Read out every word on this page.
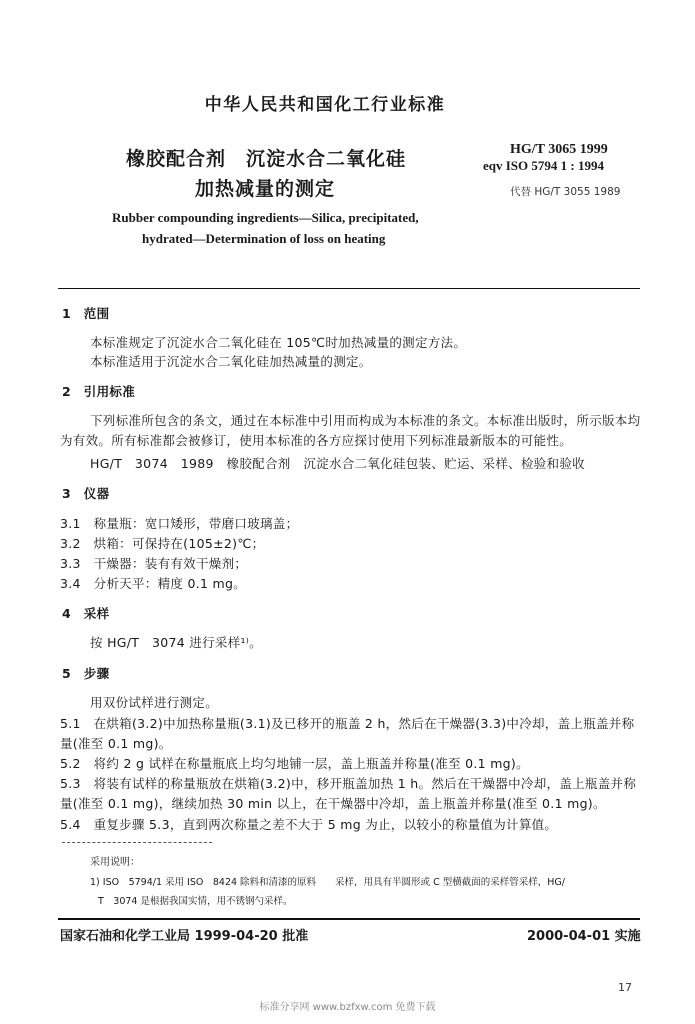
中华人民共和国化工行业标准
橡胶配合剂　沉淀水合二氧化硅
加热减量的测定
HG/T 3065 1999
eqv ISO 5794 1 : 1994
代替 HG/T 3055 1989
Rubber compounding ingredients—Silica, precipitated,
hydrated—Determination of loss on heating
1　范围
本标准规定了沉淀水合二氧化硅在 105℃时加热减量的测定方法。
本标准适用于沉淀水合二氧化硅加热减量的测定。
2　引用标准
下列标准所包含的条文，通过在本标准中引用而构成为本标准的条文。本标准出版时，所示版本均
为有效。所有标准都会被修订，使用本标准的各方应探讨使用下列标准最新版本的可能性。
HG/T　3074　1989　橡胶配合剂　沉淀水合二氧化硅包装、贮运、采样、检验和验收
3　仪器
3.1　称量瓶：宽口矮形，带磨口玻璃盖；
3.2　烘箱：可保持在(105±2)℃；
3.3　干燥器：装有有效干燥剂；
3.4　分析天平：精度 0.1 mg。
4　采样
按 HG/T　3074 进行采样¹⁾。
5　步骤
用双份试样进行测定。
5.1　在烘箱(3.2)中加热称量瓶(3.1)及已移开的瓶盖 2 h，然后在干燥器(3.3)中冷却，盖上瓶盖并称
量(准至 0.1 mg)。
5.2　将约 2 g 试样在称量瓶底上均匀地铺一层，盖上瓶盖并称量(准至 0.1 mg)。
5.3　将装有试样的称量瓶放在烘箱(3.2)中，移开瓶盖加热 1 h。然后在干燥器中冷却，盖上瓶盖并称
量(准至 0.1 mg)，继续加热 30 min 以上，在干燥器中冷却，盖上瓶盖并称量(准至 0.1 mg)。
5.4　重复步骤 5.3，直到两次称量之差不大于 5 mg 为止，以较小的称量值为计算值。
采用说明：
1) ISO　5794/1 采用 ISO　8424 除料和清漆的原料　　采样，用具有半圆形或 C 型横截面的采样管采样，HG/
T　3074 是根据我国实情，用不锈钢勺采样。
国家石油和化学工业局 1999-04-20 批准	2000-04-01 实施
17
标准分享网 www.bzfxw.com 免费下载
